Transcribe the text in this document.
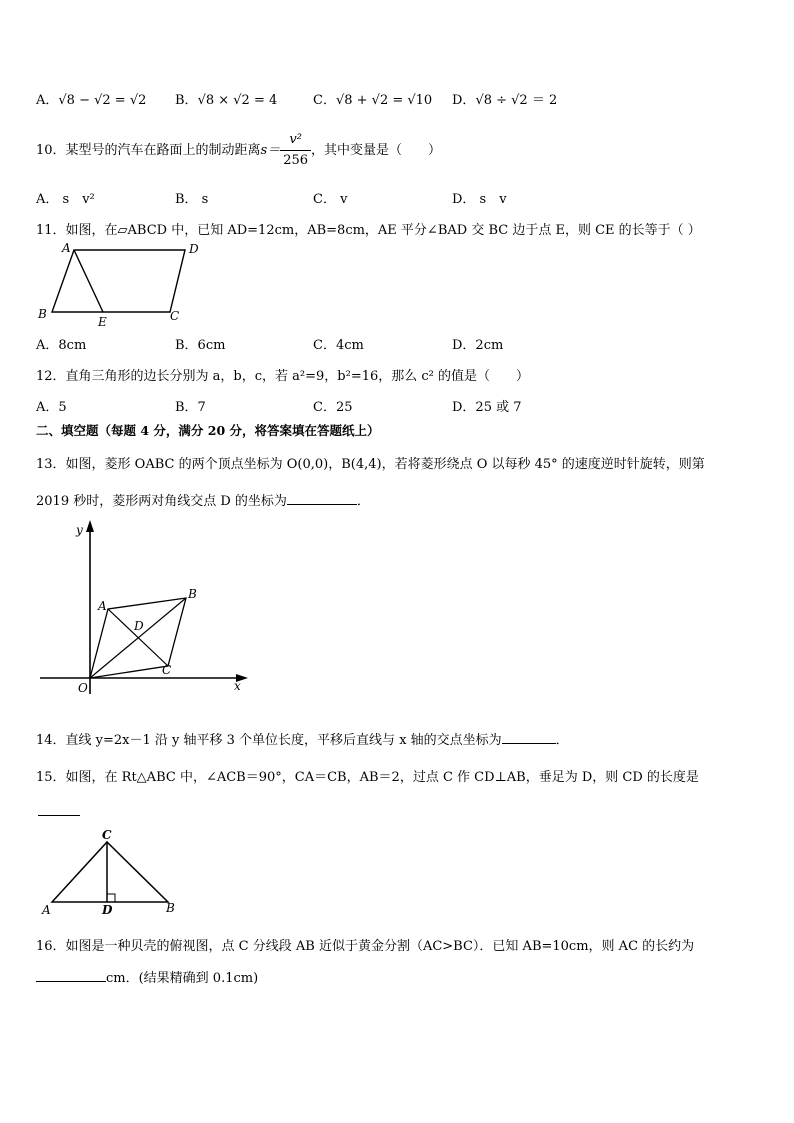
A．√8 − √2 = √2 B．√8 × √2 = 4	C．√8 + √2 = √10 D．√8 ÷ √2 ＝ 2
10．某型号的汽车在路面上的制动距离$s= \frac{\text{v²}}{256}$ ，其中变量是（　　）
A． s　v²	B． s	C． v	D． s　v
11．如图，在▱ABCD 中，已知 AD=12cm，AB=8cm，AE 平分∠BAD 交 BC 边于点 E，则 CE 的长等于（ ）
A	D
B	C
E
A．8cm	B．6cm	C．4cm	D．2cm
12．直角三角形的边长分别为 a，b，c，若 a²=9，b²=16，那么 c² 的值是（　　）
A．5	B．7	C．25	D．25 或 7
二、填空题（每题 4 分，满分 20 分，将答案填在答题纸上）
13．如图，菱形 OABC 的两个顶点坐标为 O(0,0)，B(4,4)，若将菱形绕点 O 以每秒 45° 的速度逆时针旋转，则第
2019 秒时，菱形两对角线交点 D 的坐标为	．
y
x
O
A
B
C
D
14．直线 y=2x－1 沿 y 轴平移 3 个单位长度，平移后直线与 x 轴的交点坐标为	．
15．如图，在 Rt△ABC 中，∠ACB＝90°，CA＝CB，AB＝2，过点 C 作 CD⊥AB，垂足为 D，则 CD 的长度是
C
A	D	B
16．如图是一种贝壳的俯视图，点 C 分线段 AB 近似于黄金分割（AC>BC）．已知 AB=10cm，则 AC 的长约为
cm．(结果精确到 0.1cm)
